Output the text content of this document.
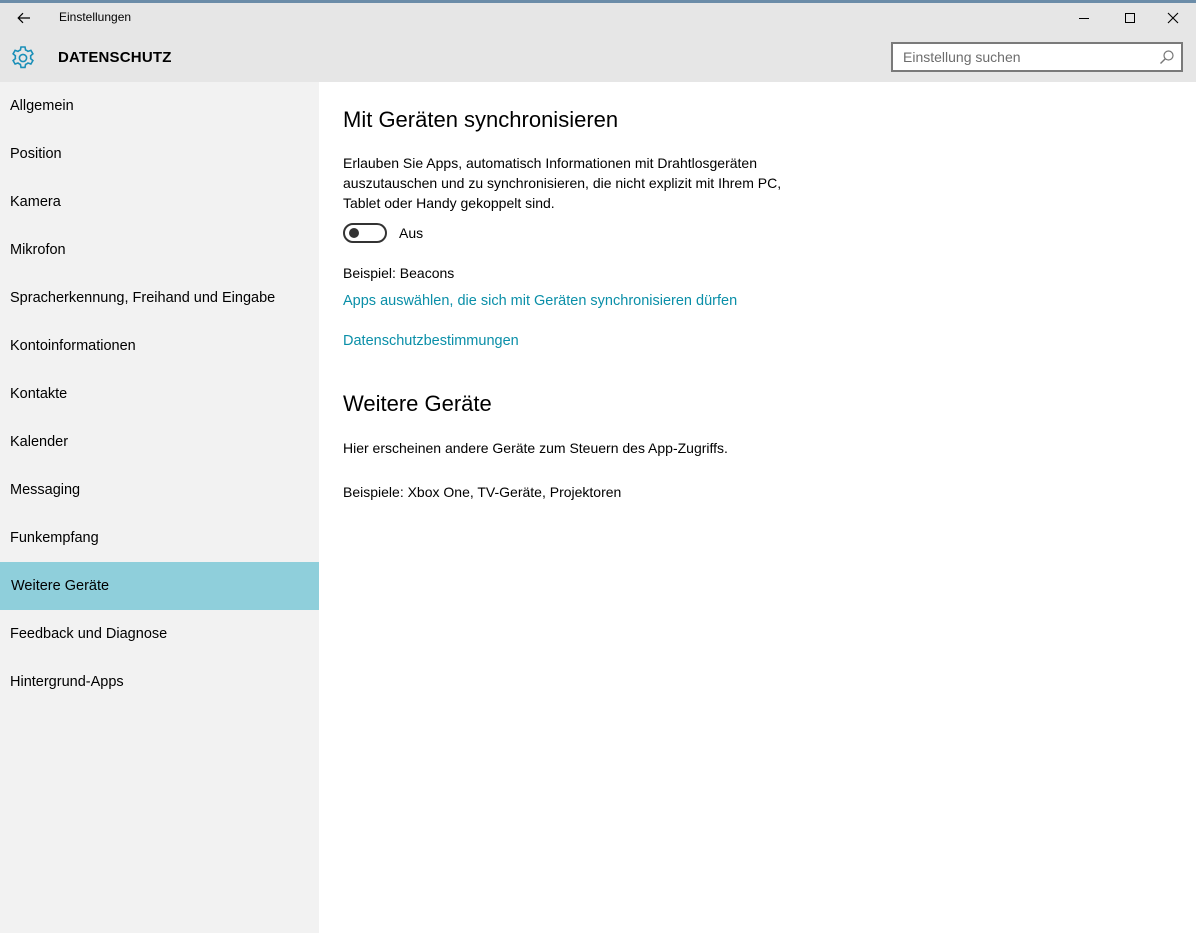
Einstellungen
DATENSCHUTZ
Einstellung suchen
Allgemein
Position
Kamera
Mikrofon
Spracherkennung, Freihand und Eingabe
Kontoinformationen
Kontakte
Kalender
Messaging
Funkempfang
Weitere Geräte
Feedback und Diagnose
Hintergrund-Apps
Mit Geräten synchronisieren

Erlauben Sie Apps, automatisch Informationen mit Drahtlosgeräten auszutauschen und zu synchronisieren, die nicht explizit mit Ihrem PC, Tablet oder Handy gekoppelt sind.

Aus
Beispiel: Beacons
Apps auswählen, die sich mit Geräten synchronisieren dürfen
Datenschutzbestimmungen
Weitere Geräte
Hier erscheinen andere Geräte zum Steuern des App-Zugriffs.
Beispiele: Xbox One, TV-Geräte, Projektoren
